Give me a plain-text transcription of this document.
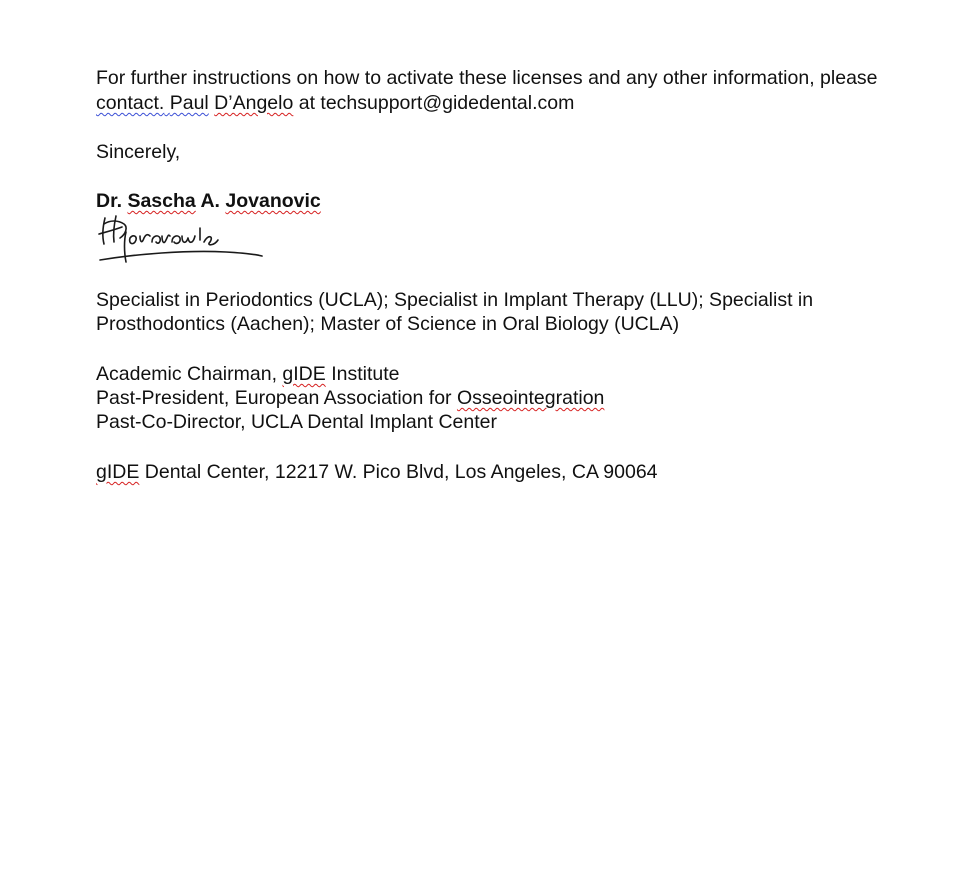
For further instructions on how to activate these licenses and any other information, please
contact. Paul D’Angelo at techsupport@gidedental.com
Sincerely,
Dr. Sascha A. Jovanovic
Specialist in Periodontics (UCLA); Specialist in Implant Therapy (LLU); Specialist in
Prosthodontics (Aachen); Master of Science in Oral Biology (UCLA)
Academic Chairman, gIDE Institute
Past-President, European Association for Osseointegration
Past-Co-Director, UCLA Dental Implant Center
gIDE Dental Center, 12217 W. Pico Blvd, Los Angeles, CA 90064
